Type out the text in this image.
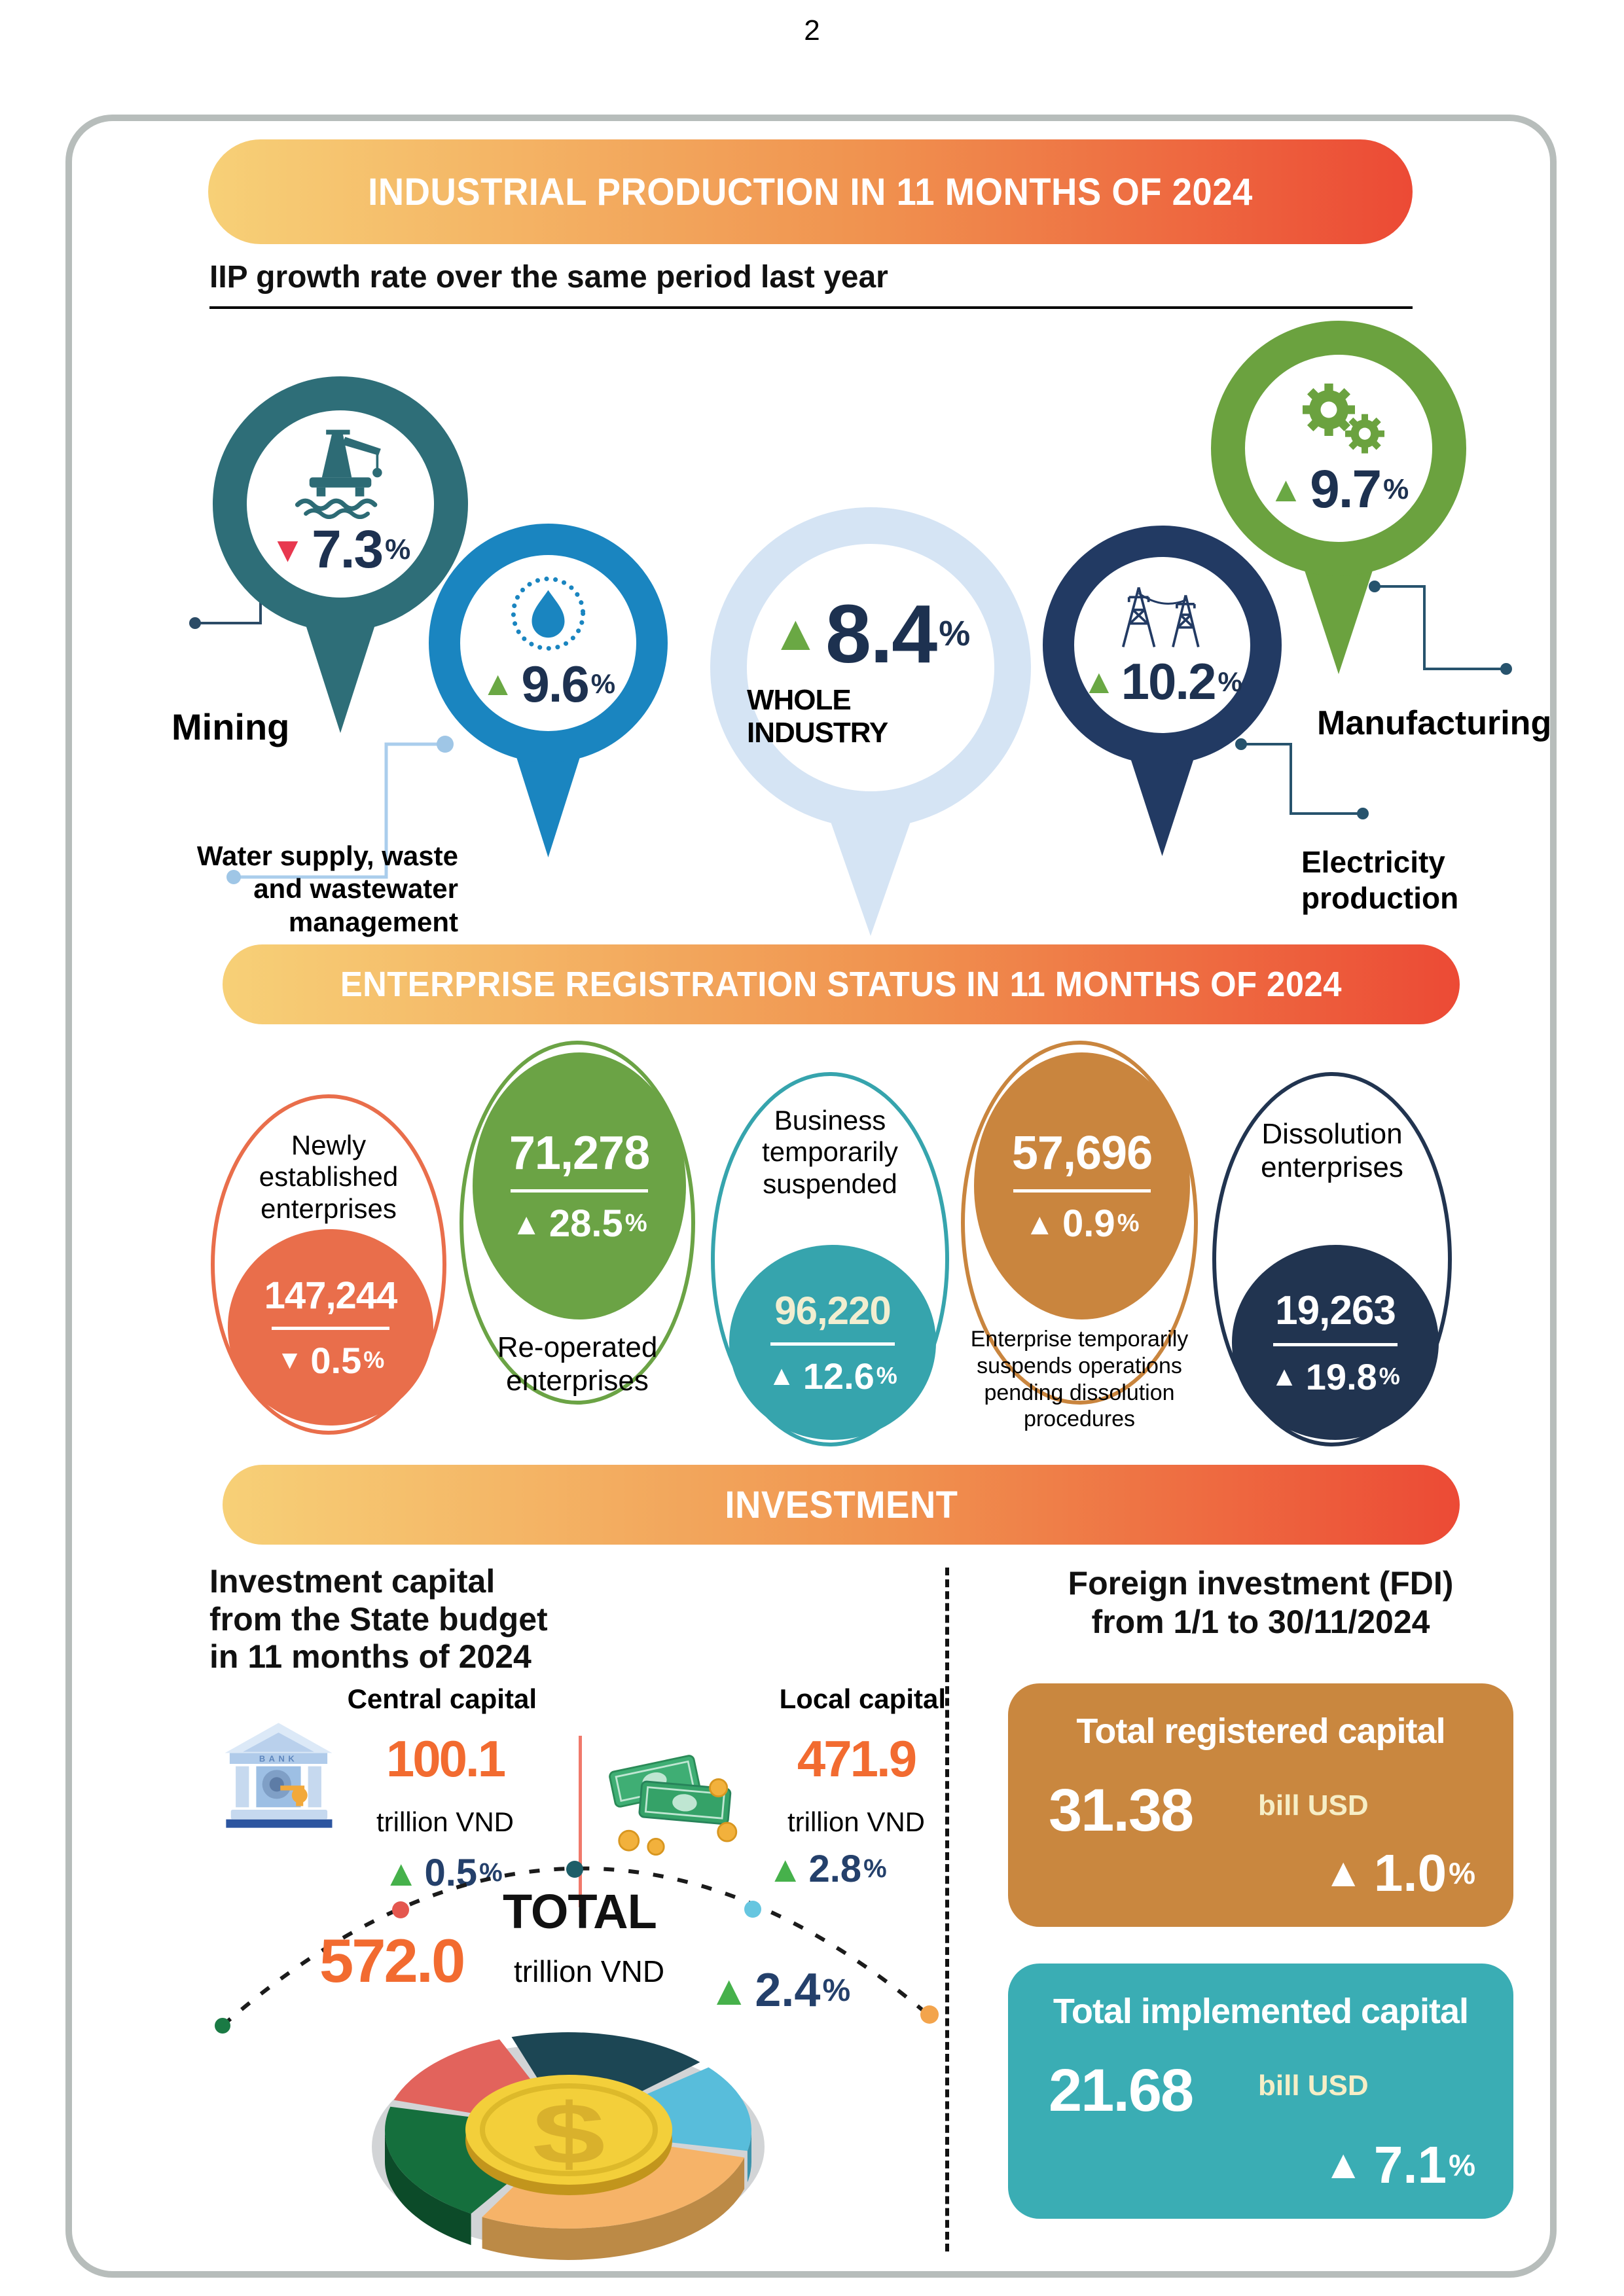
2
INDUSTRIAL PRODUCTION IN 11 MONTHS OF 2024
IIP growth rate over the same period last year
▲ 8.4 %
WHOLE INDUSTRY
▼ 7.3 %
▲ 9.6 %	▲ 10.2 %
▲ 9.7 %
Mining
Water supply, waste
and wastewater
management
Electricity
production
Manufacturing
ENTERPRISE REGISTRATION STATUS IN 11 MONTHS OF 2024
Newly
established
enterprises
147,244
▼ 0.5 %
71,278
▲ 28.5 %
Re-operated
enterprises
Business
temporarily
suspended
96,220
▲ 12.6 %
57,696
▲ 0.9 %
Enterprise temporarily
suspends operations
pending dissolution
procedures
Dissolution
enterprises
19,263
▲ 19.8 %
INVESTMENT
Investment capital
from the State budget
in 11 months of 2024
Foreign investment (FDI)
from 1/1 to 30/11/2024
Central capital
BANK	100.1
trillion VND
▲ 0.5 %
Local capital
471.9
trillion VND
▲ 2.8 %
TOTAL
572.0 trillion VND ▲ 2.4 %
$
Total registered capital
31.38 bill USD
▲ 1.0 %
Total implemented capital
21.68 bill USD
▲ 7.1 %
